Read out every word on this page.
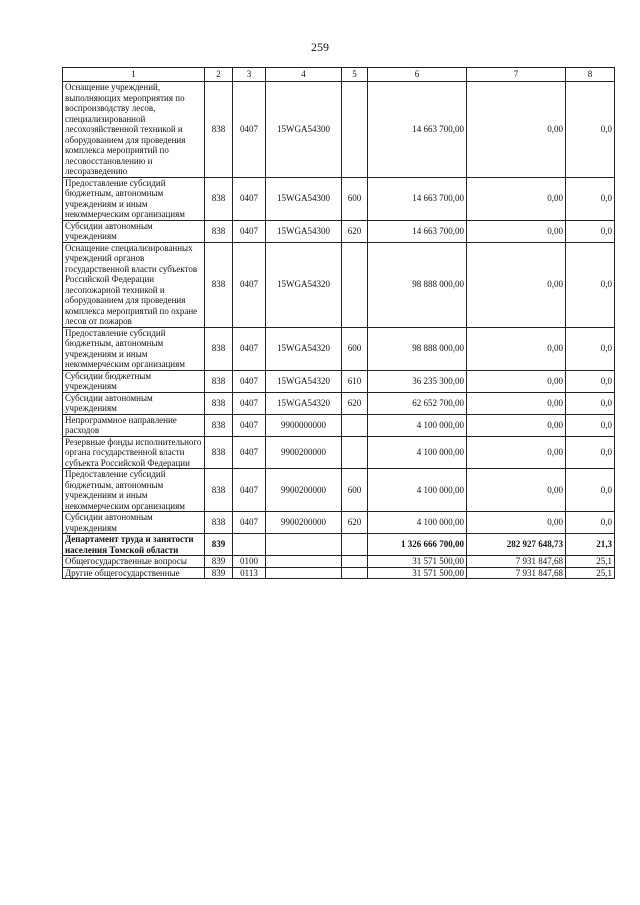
259
1	2	3	4	5	6	7	8
Оснащение учреждений, выполняющих мероприятия по воспроизводству лесов, специализированной лесохозяйственной техникой и оборудованием для проведения комплекса мероприятий по лесовосстановлению и лесоразведению	838	0407	15WGA54300		14 663 700,00	0,00	0,0
Предоставление субсидий бюджетным, автономным учреждениям и иным некоммерческим организациям	838	0407	15WGA54300	600	14 663 700,00	0,00	0,0
Субсидии автономным учреждениям	838	0407	15WGA54300	620	14 663 700,00	0,00	0,0
Оснащение специализированных учреждений органов государственной власти субъектов Российской Федерации лесопожарной техникой и оборудованием для проведения комплекса мероприятий по охране лесов от пожаров	838	0407	15WGA54320		98 888 000,00	0,00	0,0
Предоставление субсидий бюджетным, автономным учреждениям и иным некоммерческим организациям	838	0407	15WGA54320	600	98 888 000,00	0,00	0,0
Субсидии бюджетным учреждениям	838	0407	15WGA54320	610	36 235 300,00	0,00	0,0
Субсидии автономным учреждениям	838	0407	15WGA54320	620	62 652 700,00	0,00	0,0
Непрограммное направление расходов	838	0407	9900000000		4 100 000,00	0,00	0,0
Резервные фонды исполнительного органа государственной власти субъекта Российской Федерации	838	0407	9900200000		4 100 000,00	0,00	0,0
Предоставление субсидий бюджетным, автономным учреждениям и иным некоммерческим организациям	838	0407	9900200000	600	4 100 000,00	0,00	0,0
Субсидии автономным учреждениям	838	0407	9900200000	620	4 100 000,00	0,00	0,0
Департамент труда и занятости населения Томской области	839				1 326 666 700,00	282 927 648,73	21,3
Общегосударственные вопросы	839	0100			31 571 500,00	7 931 847,68	25,1
Другие общегосударственные	839	0113			31 571 500,00	7 931 847,68	25,1
